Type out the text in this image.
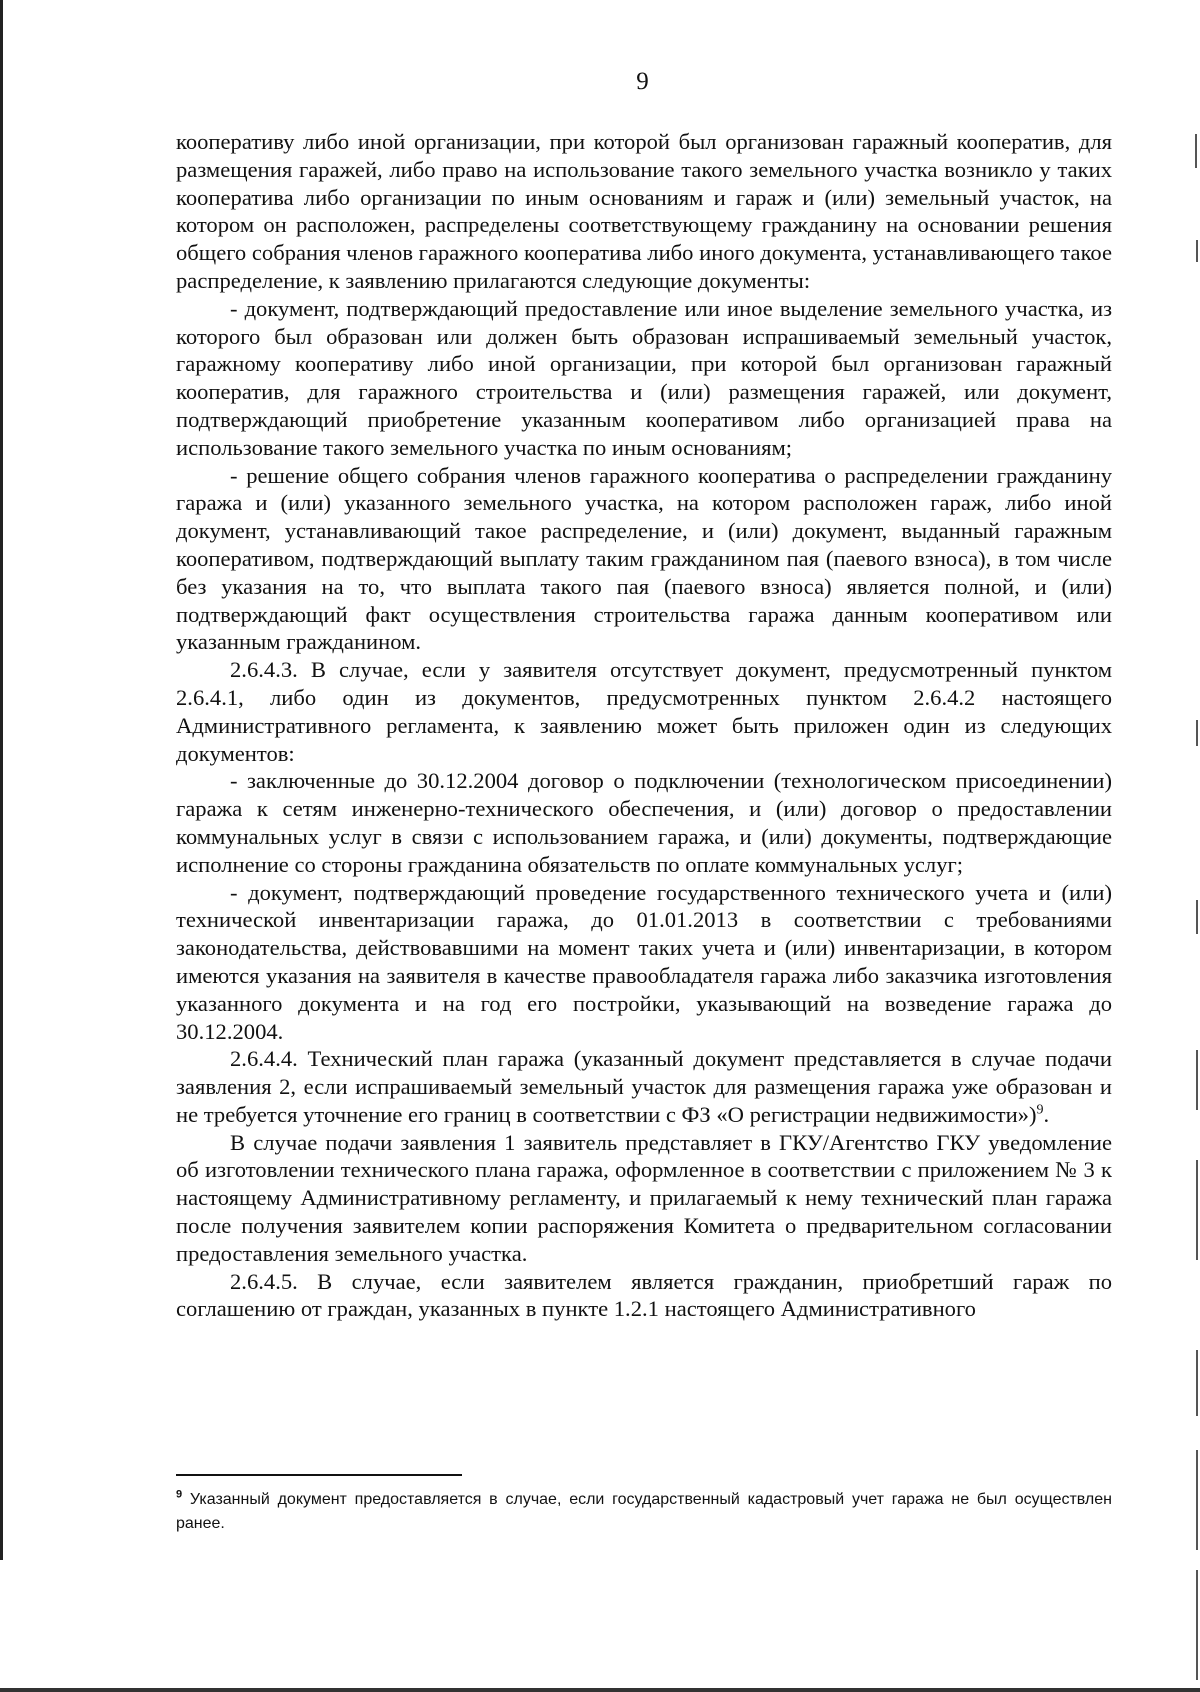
9

кооперативу либо иной организации, при которой был организован гаражный кооператив, для размещения гаражей, либо право на использование такого земельного участка возникло у таких кооператива либо организации по иным основаниям и гараж и (или) земельный участок, на котором он расположен, распределены соответствующему гражданину на основании решения общего собрания членов гаражного кооператива либо иного документа, устанавливающего такое распределение, к заявлению прилагаются следующие документы:

- документ, подтверждающий предоставление или иное выделение земельного участка, из которого был образован или должен быть образован испрашиваемый земельный участок, гаражному кооперативу либо иной организации, при которой был организован гаражный кооператив, для гаражного строительства и (или) размещения гаражей, или документ, подтверждающий приобретение указанным кооперативом либо организацией права на использование такого земельного участка по иным основаниям;

- решение общего собрания членов гаражного кооператива о распределении гражданину гаража и (или) указанного земельного участка, на котором расположен гараж, либо иной документ, устанавливающий такое распределение, и (или) документ, выданный гаражным кооперативом, подтверждающий выплату таким гражданином пая (паевого взноса), в том числе без указания на то, что выплата такого пая (паевого взноса) является полной, и (или) подтверждающий факт осуществления строительства гаража данным кооперативом или указанным гражданином.

2.6.4.3. В случае, если у заявителя отсутствует документ, предусмотренный пунктом 2.6.4.1, либо один из документов, предусмотренных пунктом 2.6.4.2 настоящего Административного регламента, к заявлению может быть приложен один из следующих документов:

- заключенные до 30.12.2004 договор о подключении (технологическом присоединении) гаража к сетям инженерно-технического обеспечения, и (или) договор о предоставлении коммунальных услуг в связи с использованием гаража, и (или) документы, подтверждающие исполнение со стороны гражданина обязательств по оплате коммунальных услуг;

- документ, подтверждающий проведение государственного технического учета и (или) технической инвентаризации гаража, до 01.01.2013 в соответствии с требованиями законодательства, действовавшими на момент таких учета и (или) инвентаризации, в котором имеются указания на заявителя в качестве правообладателя гаража либо заказчика изготовления указанного документа и на год его постройки, указывающий на возведение гаража до 30.12.2004.

2.6.4.4. Технический план гаража (указанный документ представляется в случае подачи заявления 2, если испрашиваемый земельный участок для размещения гаража уже образован и не требуется уточнение его границ в соответствии с ФЗ «О регистрации недвижимости»)$^9$.

В случае подачи заявления 1 заявитель представляет в ГКУ/Агентство ГКУ уведомление об изготовлении технического плана гаража, оформленное в соответствии с приложением № 3 к настоящему Административному регламенту, и прилагаемый к нему технический план гаража после получения заявителем копии распоряжения Комитета о предварительном согласовании предоставления земельного участка.

2.6.4.5. В случае, если заявителем является гражданин, приобретший гараж по соглашению от граждан, указанных в пункте 1.2.1 настоящего Административного

$^9$ Указанный документ предоставляется в случае, если государственный кадастровый учет гаража не был осуществлен ранее.
